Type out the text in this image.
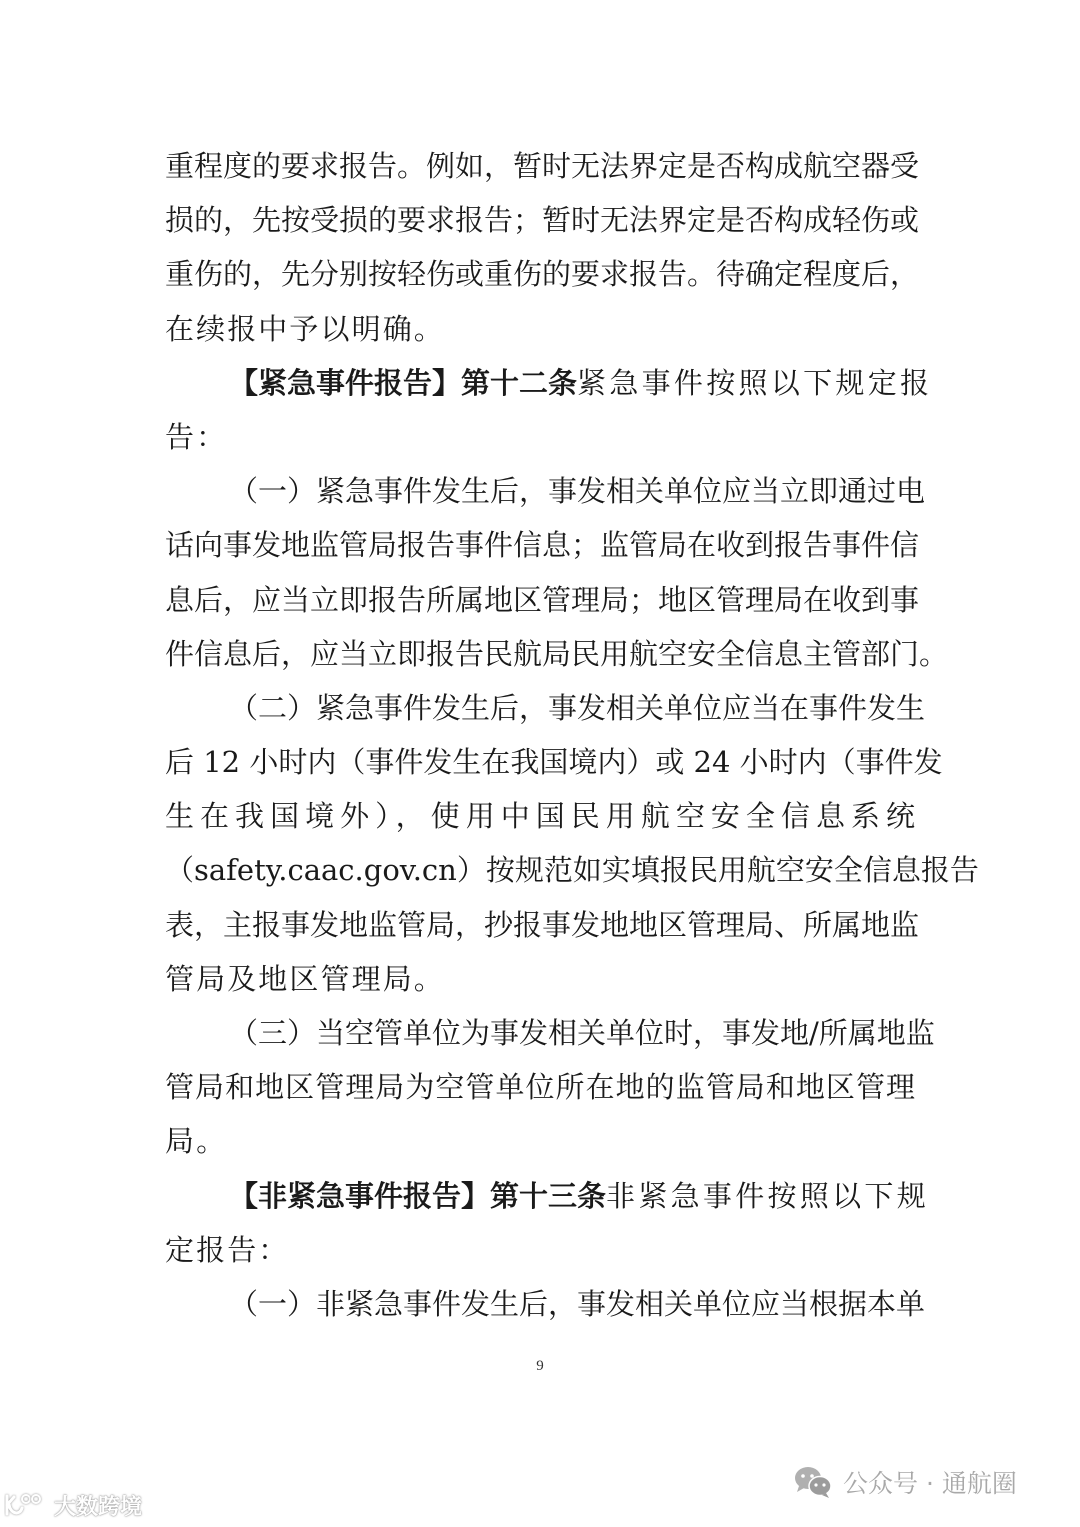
重程度的要求报告。例如，暂时无法界定是否构成航空器受
损的，先按受损的要求报告；暂时无法界定是否构成轻伤或
重伤的，先分别按轻伤或重伤的要求报告。待确定程度后，
在续报中予以明确。
【紧急事件报告】第十二条 紧急事件按照以下规定报
告：
（一）紧急事件发生后，事发相关单位应当立即通过电
话向事发地监管局报告事件信息；监管局在收到报告事件信
息后，应当立即报告所属地区管理局；地区管理局在收到事
件信息后，应当立即报告民航局民用航空安全信息主管部门。
（二）紧急事件发生后，事发相关单位应当在事件发生
后 12 小时内（事件发生在我国境内）或 24 小时内（事件发
生在我国境外），使用中国民用航空安全信息系统
（safety.caac.gov.cn）按规范如实填报民用航空安全信息报告
表，主报事发地监管局，抄报事发地地区管理局、所属地监
管局及地区管理局。
（三）当空管单位为事发相关单位时，事发地/所属地监
管局和地区管理局为空管单位所在地的监管局和地区管理
局。
【非紧急事件报告】第十三条 非紧急事件按照以下规
定报告：
（一）非紧急事件发生后，事发相关单位应当根据本单
9
公众号 · 通航圈
大数跨境
